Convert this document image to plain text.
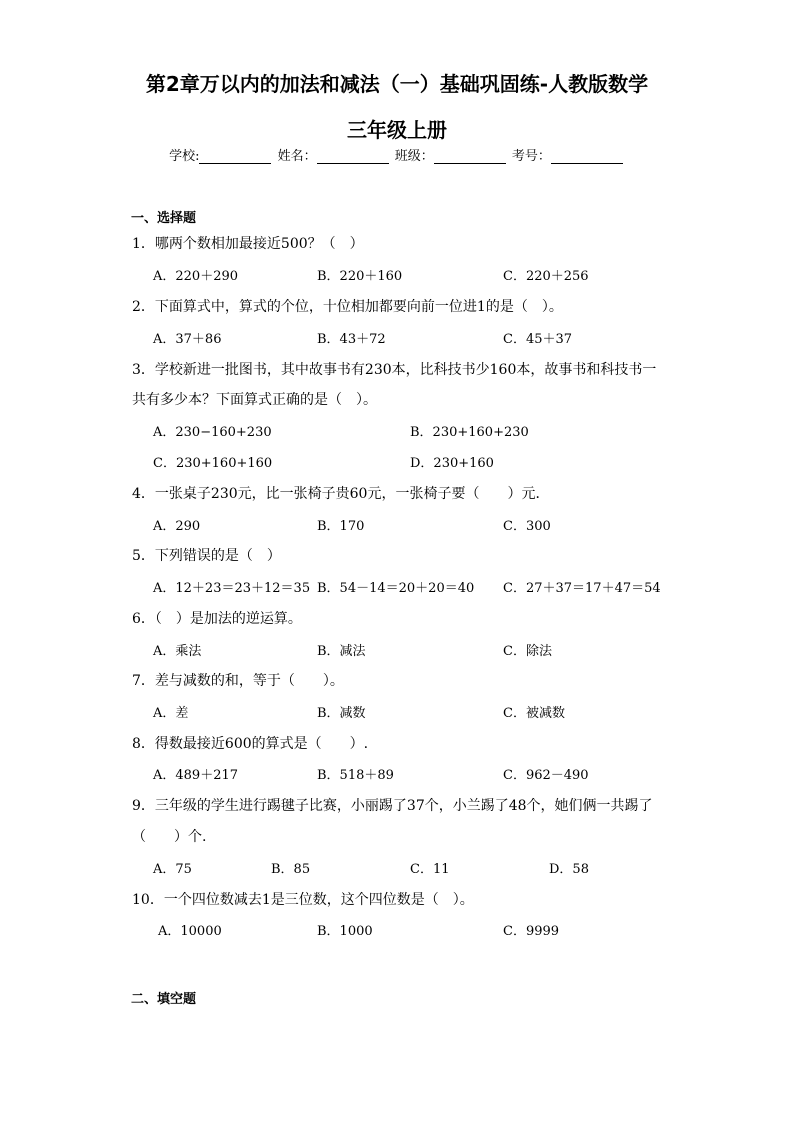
第2章万以内的加法和减法（一）基础巩固练-人教版数学
三年级上册
学校:	姓名：	班级：	考号：
一、选择题
1．哪两个数相加最接近500？（　）
A．220＋290	B．220＋160	C．220＋256
2．下面算式中，算式的个位，十位相加都要向前一位进1的是（　）。
A．37＋86	B．43＋72	C．45＋37
3．学校新进一批图书，其中故事书有230本，比科技书少160本，故事书和科技书一
共有多少本？下面算式正确的是（　）。
A．230−160+230	B．230+160+230
C．230+160+160	D．230+160
4．一张桌子230元，比一张椅子贵60元，一张椅子要（　　）元．
A．290	B．170	C．300
5．下列错误的是（　）
A．12＋23＝23＋12＝35 B．54－14＝20＋20＝40 C．27＋37＝17＋47＝54
6．（　）是加法的逆运算。
A．乘法	B．减法	C．除法
7．差与减数的和，等于（　　）。
A．差	B．减数	C．被减数
8．得数最接近600的算式是（　　）.
A．489＋217	B．518＋89	C．962－490
9．三年级的学生进行踢毽子比赛，小丽踢了37个，小兰踢了48个，她们俩一共踢了
（　　）个.
A．75	B．85	C．11	D．58
10．一个四位数减去1是三位数，这个四位数是（　）。
A．10000	B．1000	C．9999
二、填空题
